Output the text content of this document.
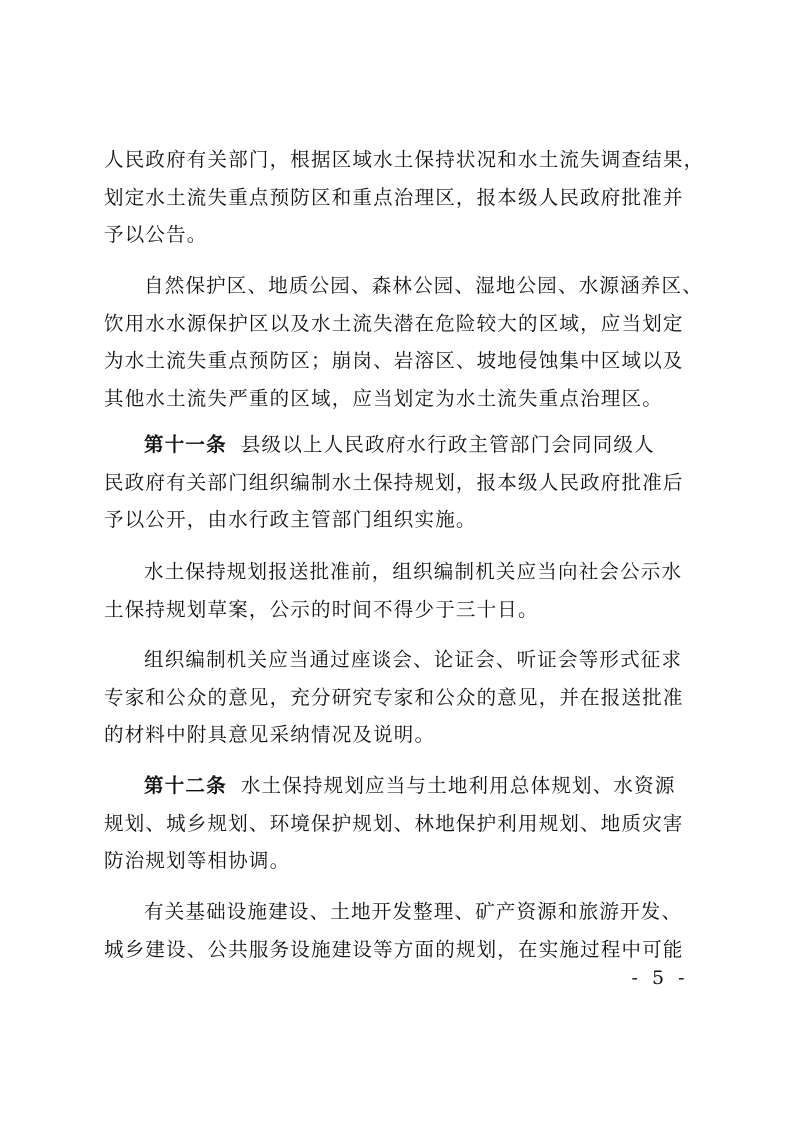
人民政府有关部门，根据区域水土保持状况和水土流失调查结果，
划定水土流失重点预防区和重点治理区，报本级人民政府批准并
予以公告。
自然保护区、地质公园、森林公园、湿地公园、水源涵养区、
饮用水水源保护区以及水土流失潜在危险较大的区域，应当划定
为水土流失重点预防区；崩岗、岩溶区、坡地侵蚀集中区域以及
其他水土流失严重的区域，应当划定为水土流失重点治理区。
第十一条 县级以上人民政府水行政主管部门会同同级人
民政府有关部门组织编制水土保持规划，报本级人民政府批准后
予以公开，由水行政主管部门组织实施。
水土保持规划报送批准前，组织编制机关应当向社会公示水
土保持规划草案，公示的时间不得少于三十日。
组织编制机关应当通过座谈会、论证会、听证会等形式征求
专家和公众的意见，充分研究专家和公众的意见，并在报送批准
的材料中附具意见采纳情况及说明。
第十二条 水土保持规划应当与土地利用总体规划、水资源
规划、城乡规划、环境保护规划、林地保护利用规划、地质灾害
防治规划等相协调。
有关基础设施建设、土地开发整理、矿产资源和旅游开发、
城乡建设、公共服务设施建设等方面的规划，在实施过程中可能
- 5 -
